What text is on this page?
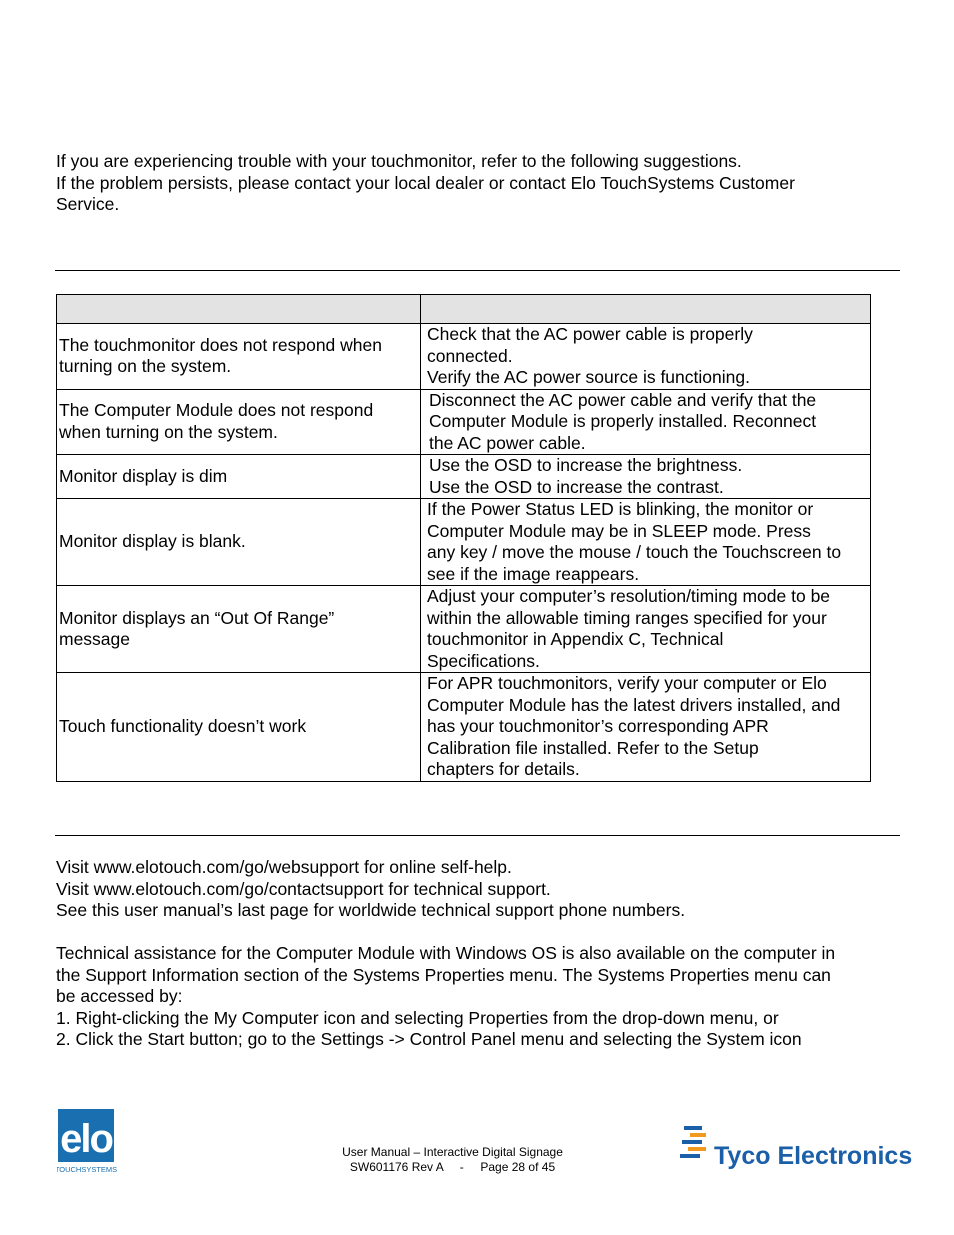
If you are experiencing trouble with your touchmonitor, refer to the following suggestions.

If the problem persists, please contact your local dealer or contact Elo TouchSystems Customer

Service.

The touchmonitor does not respond when
turning on the system.	Check that the AC power cable is properly
connected.
Verify the AC power source is functioning.

The Computer Module does not respond
when turning on the system.	Disconnect the AC power cable and verify that the
Computer Module is properly installed. Reconnect
the AC power cable.

Monitor display is dim	Use the OSD to increase the brightness.
Use the OSD to increase the contrast.

Monitor display is blank.	If the Power Status LED is blinking, the monitor or
Computer Module may be in SLEEP mode. Press
any key / move the mouse / touch the Touchscreen to
see if the image reappears.

Monitor displays an “Out Of Range”
message	Adjust your computer’s resolution/timing mode to be
within the allowable timing ranges specified for your
touchmonitor in Appendix C, Technical
Specifications.

Touch functionality doesn’t work	For APR touchmonitors, verify your computer or Elo
Computer Module has the latest drivers installed, and
has your touchmonitor’s corresponding APR
Calibration file installed. Refer to the Setup
chapters for details.
Visit www.elotouch.com/go/websupport for online self-help.
Visit www.elotouch.com/go/contactsupport for technical support.
See this user manual’s last page for worldwide technical support phone numbers.
Technical assistance for the Computer Module with Windows OS is also available on the computer in
the Support Information section of the Systems Properties menu. The Systems Properties menu can
be accessed by:
1. Right-clicking the My Computer icon and selecting Properties from the drop-down menu, or
2. Click the Start button; go to the Settings -> Control Panel menu and selecting the System icon
elo
TOUCHSYSTEMS
User Manual – Interactive Digital Signage
SW601176 Rev A     -     Page 28 of 45	Tyco Electronics
